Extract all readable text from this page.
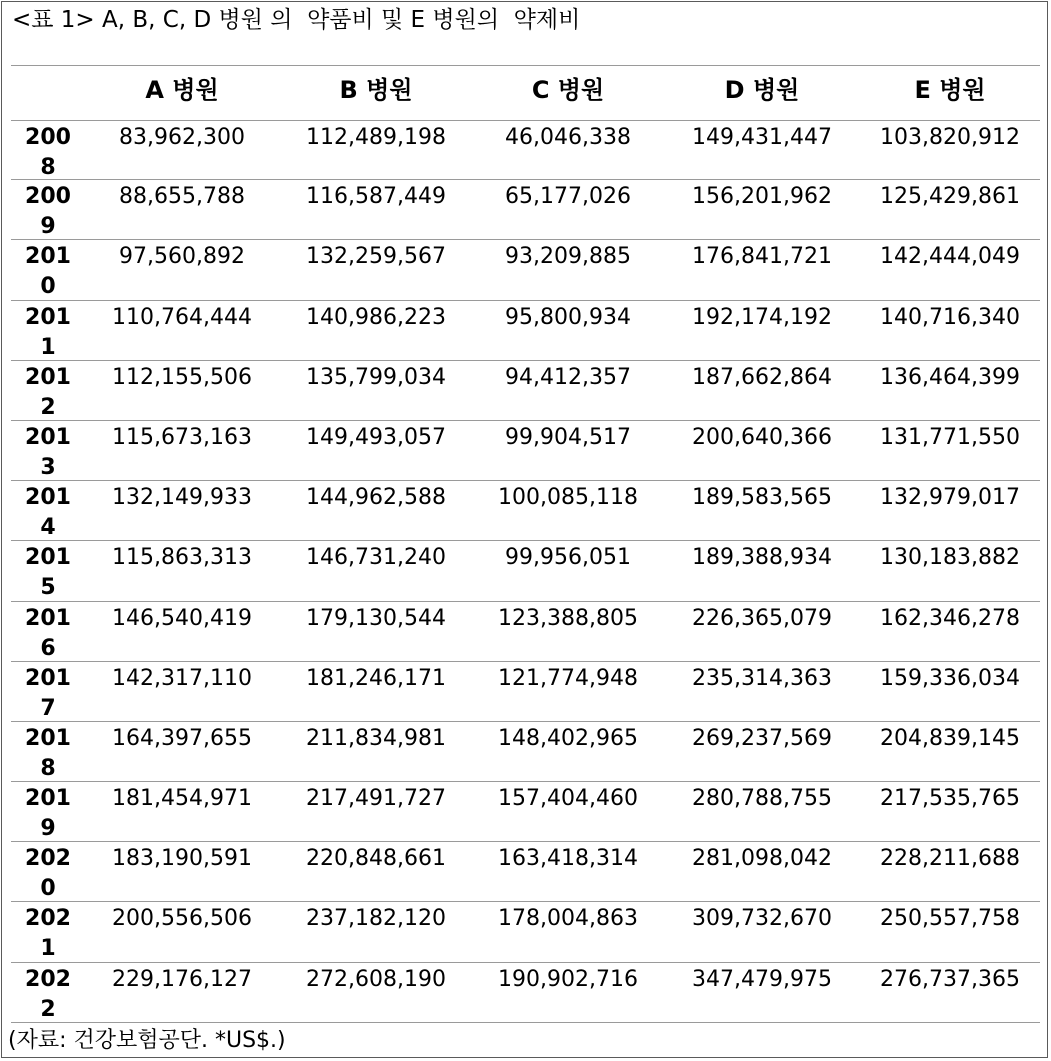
<표 1> A, B, C, D 병원 의  약품비 및 E 병원의  약제비
A 병원	B 병원	C 병원	D 병원	E 병원
2008
83,962,300	112,489,198	46,046,338	149,431,447	103,820,912
2009
88,655,788	116,587,449	65,177,026	156,201,962	125,429,861
2010
97,560,892	132,259,567	93,209,885	176,841,721	142,444,049
2011
110,764,444	140,986,223	95,800,934	192,174,192	140,716,340
2012
112,155,506	135,799,034	94,412,357	187,662,864	136,464,399
2013
115,673,163	149,493,057	99,904,517	200,640,366	131,771,550
2014
132,149,933	144,962,588	100,085,118	189,583,565	132,979,017
2015
115,863,313	146,731,240	99,956,051	189,388,934	130,183,882
2016
146,540,419	179,130,544	123,388,805	226,365,079	162,346,278
2017
142,317,110	181,246,171	121,774,948	235,314,363	159,336,034
2018
164,397,655	211,834,981	148,402,965	269,237,569	204,839,145
2019
181,454,971	217,491,727	157,404,460	280,788,755	217,535,765
2020
183,190,591	220,848,661	163,418,314	281,098,042	228,211,688
2021
200,556,506	237,182,120	178,004,863	309,732,670	250,557,758
2022
229,176,127	272,608,190	190,902,716	347,479,975	276,737,365
(자료: 건강보험공단. *US$.)
